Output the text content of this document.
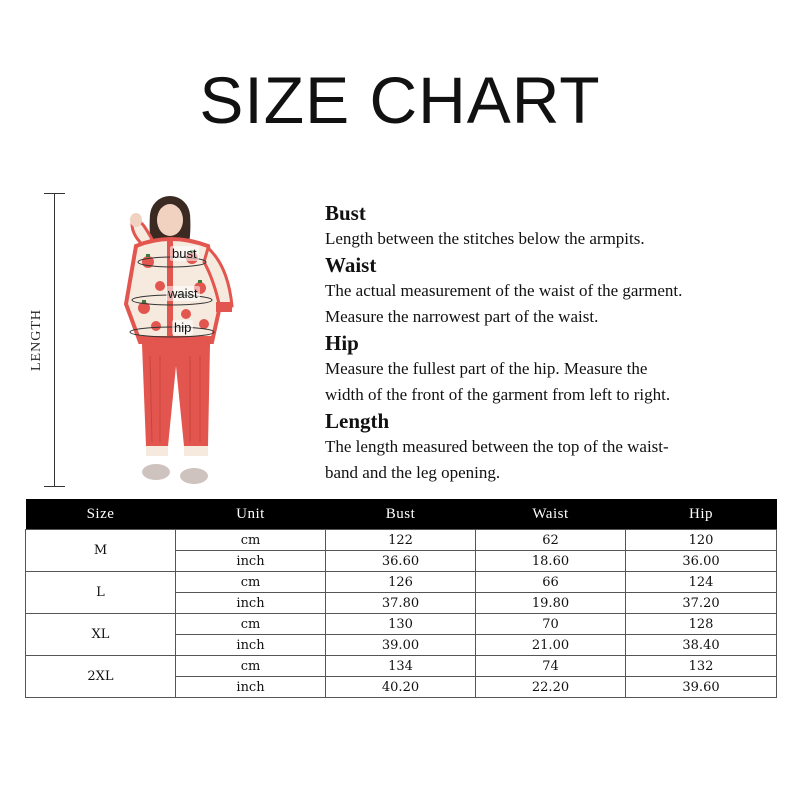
SIZE CHART
LENGTH
bust
waist
hip

Bust

Length between the stitches below the armpits.

Waist

The actual measurement of the waist of the garment.
Measure the narrowest part of the waist.

Hip

Measure the fullest part of the hip. Measure the
width of the front of the garment from left to right.

Length

The length measured between the top of the waist-
band and the leg opening.

Size	Unit	Bust	Waist	Hip
M	cm	122	62	120
	inch	36.60	18.60	36.00
L	cm	126	66	124
	inch	37.80	19.80	37.20
XL	cm	130	70	128
	inch	39.00	21.00	38.40
2XL	cm	134	74	132
	inch	40.20	22.20	39.60
